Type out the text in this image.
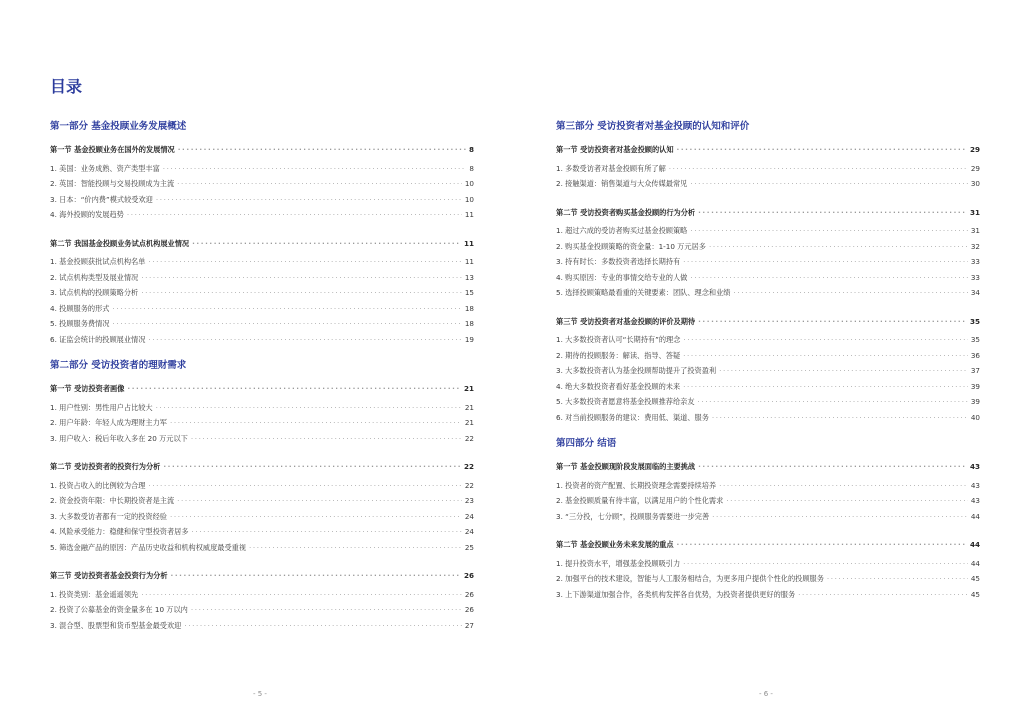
目录
第一部分 基金投顾业务发展概述
第一节 基金投顾业务在国外的发展情况 ·····	8
1. 美国：业务成熟、资产类型丰富 ·····	8
2. 英国：智能投顾与交易投顾成为主流 ·····	10
3. 日本：“价内费”模式较受欢迎 ·····	10
4. 海外投顾的发展趋势 ·····	11
第二节 我国基金投顾业务试点机构展业情况 ·····	11
1. 基金投顾获批试点机构名单 ·····	11
2. 试点机构类型及展业情况 ·····	13
3. 试点机构的投顾策略分析 ·····	15
4. 投顾服务的形式 ·····	18
5. 投顾服务费情况 ·····	18
6. 证监会统计的投顾展业情况 ·····	19
第二部分 受访投资者的理财需求
第一节 受访投资者画像 ·····	21
1. 用户性别：男性用户占比较大 ·····	21
2. 用户年龄：年轻人成为理财主力军 ·····	21
3. 用户收入：税后年收入多在 20 万元以下 ·····	22
第二节 受访投资者的投资行为分析 ·····	22
1. 投资占收入的比例较为合理 ·····	22
2. 资金投资年限：中长期投资者是主流 ·····	23
3. 大多数受访者都有一定的投资经验 ·····	24
4. 风险承受能力：稳健和保守型投资者居多 ·····	24
5. 筛选金融产品的原因：产品历史收益和机构权威度最受重视 ·····	25
第三节 受访投资者基金投资行为分析 ·····	26
1. 投资类别：基金遥遥领先 ·····	26
2. 投资了公募基金的资金量多在 10 万以内 ·····	26
3. 混合型、股票型和货币型基金最受欢迎 ·····	27
第三部分 受访投资者对基金投顾的认知和评价
第一节 受访投资者对基金投顾的认知 ·····	29
1. 多数受访者对基金投顾有所了解 ·····	29
2. 接触渠道：销售渠道与大众传媒最常见 ·····	30
第二节 受访投资者购买基金投顾的行为分析 ·····	31
1. 超过六成的受访者购买过基金投顾策略 ·····	31
2. 购买基金投顾策略的资金量：1-10 万元居多 ·····	32
3. 持有时长：多数投资者选择长期持有 ·····	33
4. 购买原因：专业的事情交给专业的人做 ·····	33
5. 选择投顾策略最看重的关键要素：团队、理念和业绩 ·····	34
第三节 受访投资者对基金投顾的评价及期待 ·····	35
1. 大多数投资者认可“长期持有”的理念 ·····	35
2. 期待的投顾服务：解读、指导、答疑 ·····	36
3. 大多数投资者认为基金投顾帮助提升了投资盈利 ·····	37
4. 绝大多数投资者看好基金投顾的未来 ·····	39
5. 大多数投资者愿意将基金投顾推荐给亲友 ·····	39
6. 对当前投顾服务的建议：费用低、渠道、服务 ·····	40
第四部分 结语
第一节 基金投顾现阶段发展面临的主要挑战 ·····	43
1. 投资者的资产配置、长期投资理念需要持续培养 ·····	43
2. 基金投顾质量有待丰富，以满足用户的个性化需求 ·····	43
3. “三分投，七分顾”，投顾服务需要进一步完善 ·····	44
第二节 基金投顾业务未来发展的重点 ·····	44
1. 提升投资水平，增强基金投顾吸引力 ·····	44
2. 加强平台的技术建设，智能与人工服务相结合，为更多用户提供个性化的投顾服务 ·····	45
3. 上下游渠道加强合作，各类机构发挥各自优势，为投资者提供更好的服务 ·····	45
- 5 -	- 6 -
